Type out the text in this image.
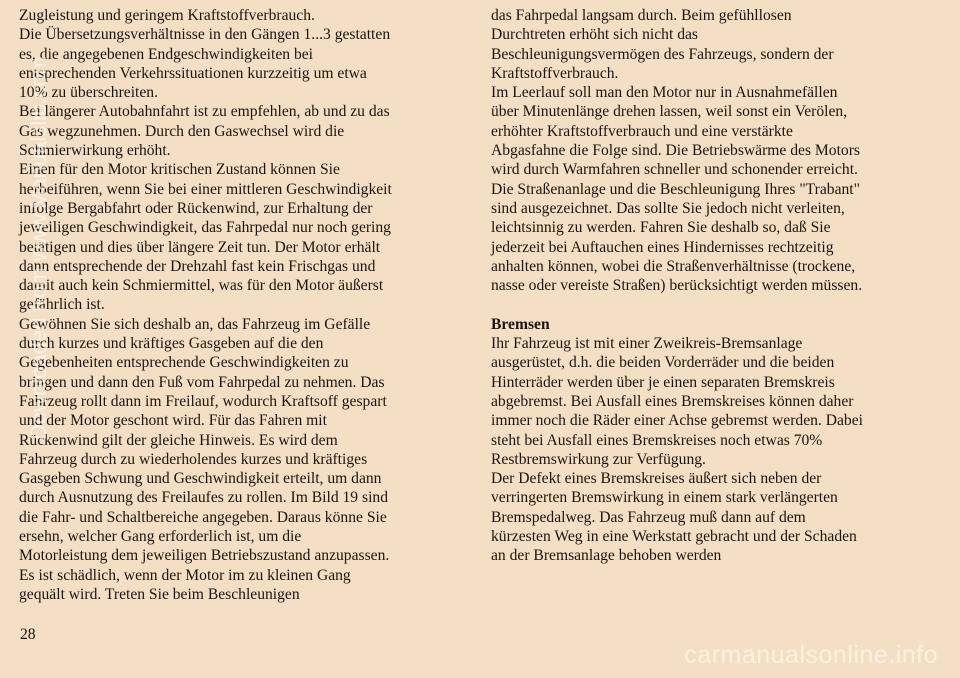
Zugleistung und geringem Kraftstoffverbrauch.

Die Übersetzungsverhältnisse in den Gängen 1...3 gestatten
es, die angegebenen Endgeschwindigkeiten bei
entsprechenden Verkehrssituationen kurzzeitig um etwa
10% zu überschreiten.

Bei längerer Autobahnfahrt ist zu empfehlen, ab und zu das
Gas wegzunehmen. Durch den Gaswechsel wird die
Schmierwirkung erhöht.

Einen für den Motor kritischen Zustand können Sie
herbeiführen, wenn Sie bei einer mittleren Geschwindigkeit
infolge Bergabfahrt oder Rückenwind, zur Erhaltung der
jeweiligen Geschwindigkeit, das Fahrpedal nur noch gering
betätigen und dies über längere Zeit tun. Der Motor erhält
dann entsprechende der Drehzahl fast kein Frischgas und
damit auch kein Schmiermittel, was für den Motor äußerst
gefährlich ist.

Gewöhnen Sie sich deshalb an, das Fahrzeug im Gefälle
durch kurzes und kräftiges Gasgeben auf die den
Gegebenheiten entsprechende Geschwindigkeiten zu
bringen und dann den Fuß vom Fahrpedal zu nehmen. Das
Fahrzeug rollt dann im Freilauf, wodurch Kraftsoff gespart
und der Motor geschont wird. Für das Fahren mit
Rückenwind gilt der gleiche Hinweis. Es wird dem
Fahrzeug durch zu wiederholendes kurzes und kräftiges
Gasgeben Schwung und Geschwindigkeit erteilt, um dann
durch Ausnutzung des Freilaufes zu rollen. Im Bild 19 sind
die Fahr- und Schaltbereiche angegeben. Daraus könne Sie
ersehn, welcher Gang erforderlich ist, um die
Motorleistung dem jeweiligen Betriebszustand anzupassen.
Es ist schädlich, wenn der Motor im zu kleinen Gang
gequält wird. Treten Sie beim Beschleunigen

das Fahrpedal langsam durch. Beim gefühllosen
Durchtreten erhöht sich nicht das
Beschleunigungsvermögen des Fahrzeugs, sondern der
Kraftstoffverbrauch.

Im Leerlauf soll man den Motor nur in Ausnahmefällen
über Minutenlänge drehen lassen, weil sonst ein Verölen,
erhöhter Kraftstoffverbrauch und eine verstärkte
Abgasfahne die Folge sind. Die Betriebswärme des Motors
wird durch Warmfahren schneller und schonender erreicht.
Die Straßenanlage und die Beschleunigung Ihres "Trabant"
sind ausgezeichnet. Das sollte Sie jedoch nicht verleiten,
leichtsinnig zu werden. Fahren Sie deshalb so, daß Sie
jederzeit bei Auftauchen eines Hindernisses rechtzeitig
anhalten können, wobei die Straßenverhältnisse (trockene,
nasse oder vereiste Straßen) berücksichtigt werden müssen.

Bremsen

Ihr Fahrzeug ist mit einer Zweikreis-Bremsanlage
ausgerüstet, d.h. die beiden Vorderräder und die beiden
Hinterräder werden über je einen separaten Bremskreis
abgebremst. Bei Ausfall eines Bremskreises können daher
immer noch die Räder einer Achse gebremst werden. Dabei
steht bei Ausfall eines Bremskreises noch etwas 70%
Restbremswirkung zur Verfügung.

Der Defekt eines Bremskreises äußert sich neben der
verringerten Bremswirkung in einem stark verlängerten
Bremspedalweg. Das Fahrzeug muß dann auf dem
kürzesten Weg in eine Werkstatt gebracht und der Schaden
an der Bremsanlage behoben werden

28
Downloaded from www.Manualslib.com
carmanualsonline.info
